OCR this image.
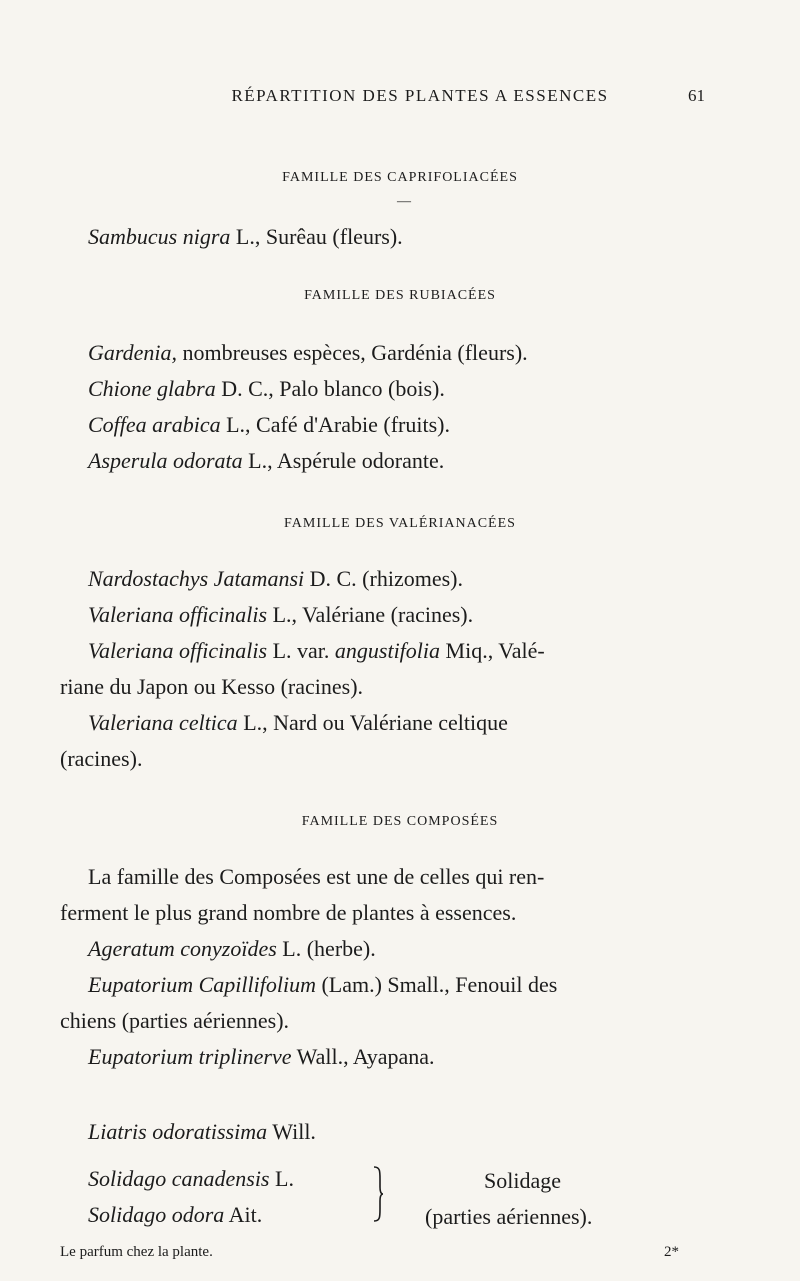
RÉPARTITION DES PLANTES A ESSENCES	61
FAMILLE DES CAPRIFOLIACÉES
—
Sambucus nigra L., Surêau (fleurs).
FAMILLE DES RUBIACÉES
Gardenia, nombreuses espèces, Gardénia (fleurs).
Chione glabra D. C., Palo blanco (bois).
Coffea arabica L., Café d'Arabie (fruits).
Asperula odorata L., Aspérule odorante.
FAMILLE DES VALÉRIANACÉES
Nardostachys Jatamansi D. C. (rhizomes).
Valeriana officinalis L., Valériane (racines).
Valeriana officinalis L. var. angustifolia Miq., Valé-
riane du Japon ou Kesso (racines).
Valeriana celtica L., Nard ou Valériane celtique
(racines).
FAMILLE DES COMPOSÉES
La famille des Composées est une de celles qui ren-
ferment le plus grand nombre de plantes à essences.
Ageratum conyzoïdes L. (herbe).
Eupatorium Capillifolium (Lam.) Small., Fenouil des
chiens (parties aériennes).
Eupatorium triplinerve Wall., Ayapana.
Liatris odoratissima Will.
Solidago canadensis L.
Solidago odora Ait.
Solidage
(parties aériennes).
Le parfum chez la plante.	2*
